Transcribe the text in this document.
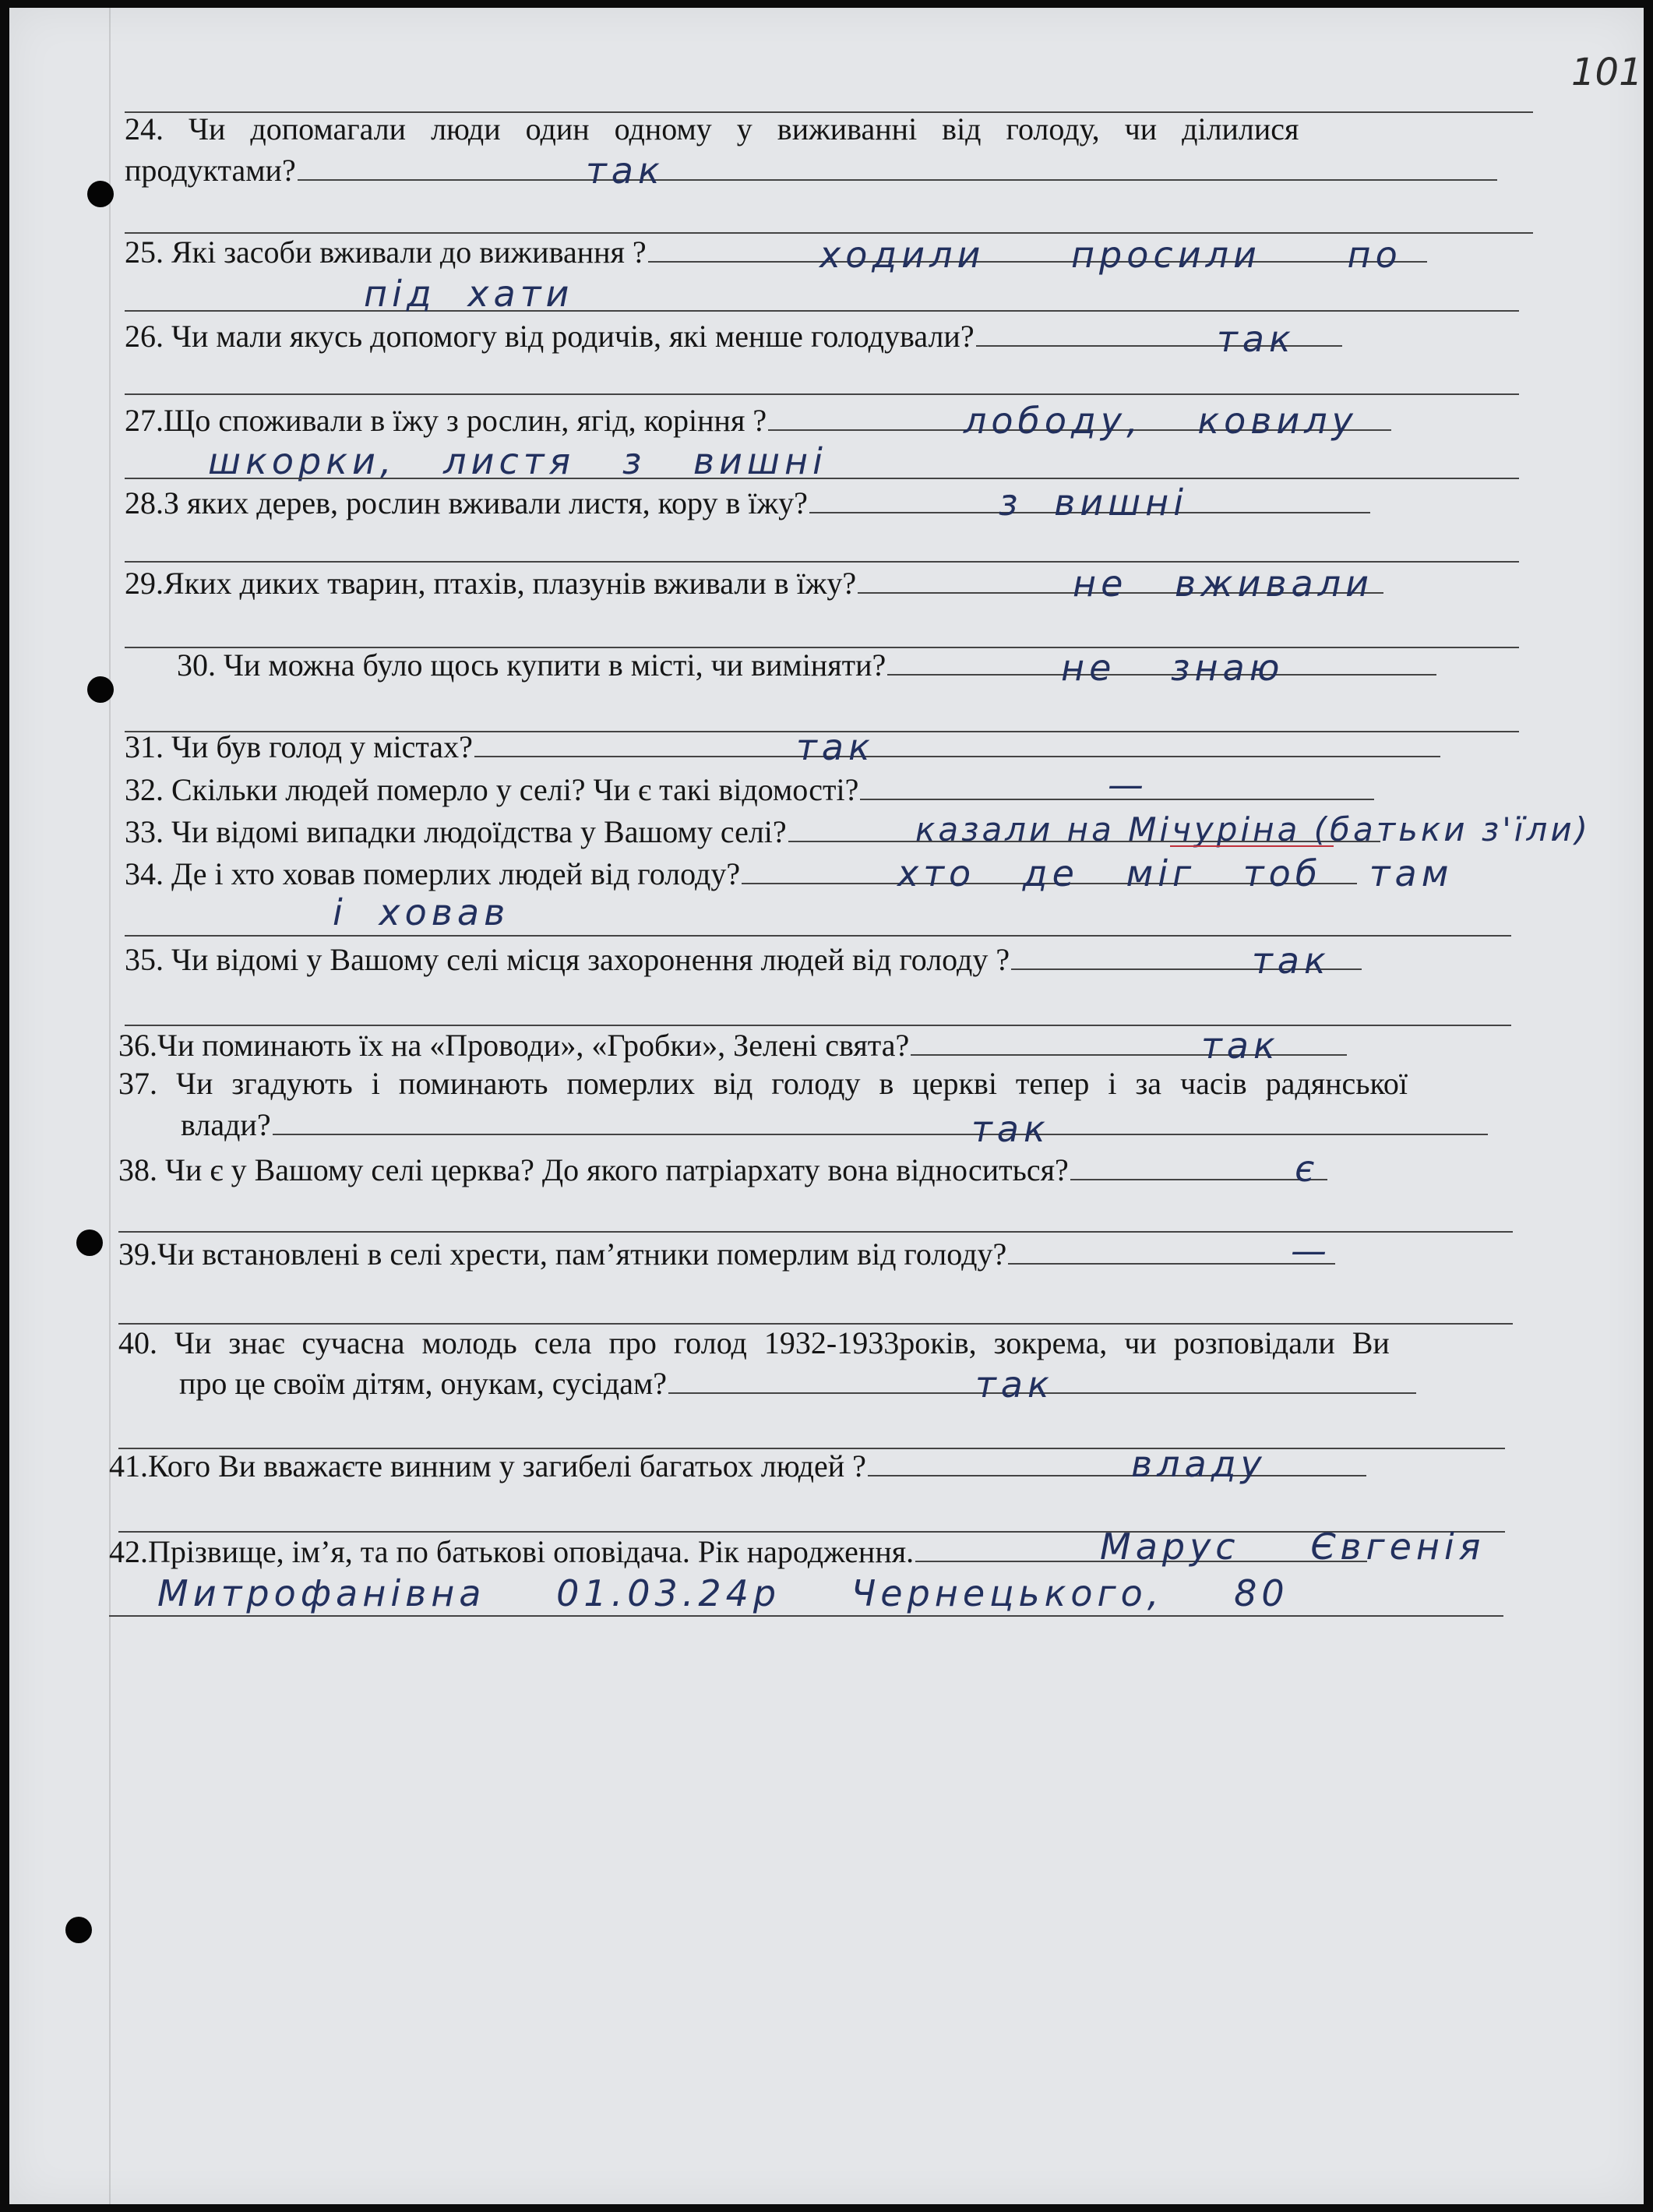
101
24. Чи допомагали люди один одному у виживанні від голоду, чи ділилися
продуктами?	так
25. Які засоби вживали до виживання ?	ходили просили по
під хати
26. Чи мали якусь допомогу від родичів, які менше голодували?	так
27.Що споживали в їжу з рослин, ягід, коріння ?	лободу, ковилу
шкорки, листя з вишні
28.З яких дерев, рослин вживали листя, кору в їжу?	з вишні
29.Яких диких тварин, птахів, плазунів вживали в їжу?	не вживали
30. Чи можна було щось купити в місті, чи виміняти?	не знаю
31. Чи був голод у містах?	так
32. Скільки людей померло у селі? Чи є такі відомості?	—
33. Чи відомі випадки людоїдства у Вашому селі?	казали на Мічуріна (батьки з'їли)
34. Де і хто ховав померлих людей від голоду?	хто де міг тоб там
і ховав
35. Чи відомі у Вашому селі місця захоронення людей від голоду ?	так
36.Чи поминають їх на «Проводи», «Гробки», Зелені свята?	так
37. Чи згадують і поминають померлих від голоду в церкві тепер і за часів радянської
влади?	так
38. Чи є у Вашому селі церква? До якого патріархату вона відноситься?	є
39.Чи встановлені в селі хрести, пам’ятники померлим від голоду?	—
40. Чи знає сучасна молодь села про голод 1932-1933років, зокрема, чи розповідали Ви
про це своїм дітям, онукам, сусідам?	так
41.Кого Ви вважаєте винним у загибелі багатьох людей ?	владу
42.Прізвище, ім’я, та по батькові оповідача. Рік народження.	Марус Євгенія
Митрофанівна 01.03.24р Чернецького, 80
